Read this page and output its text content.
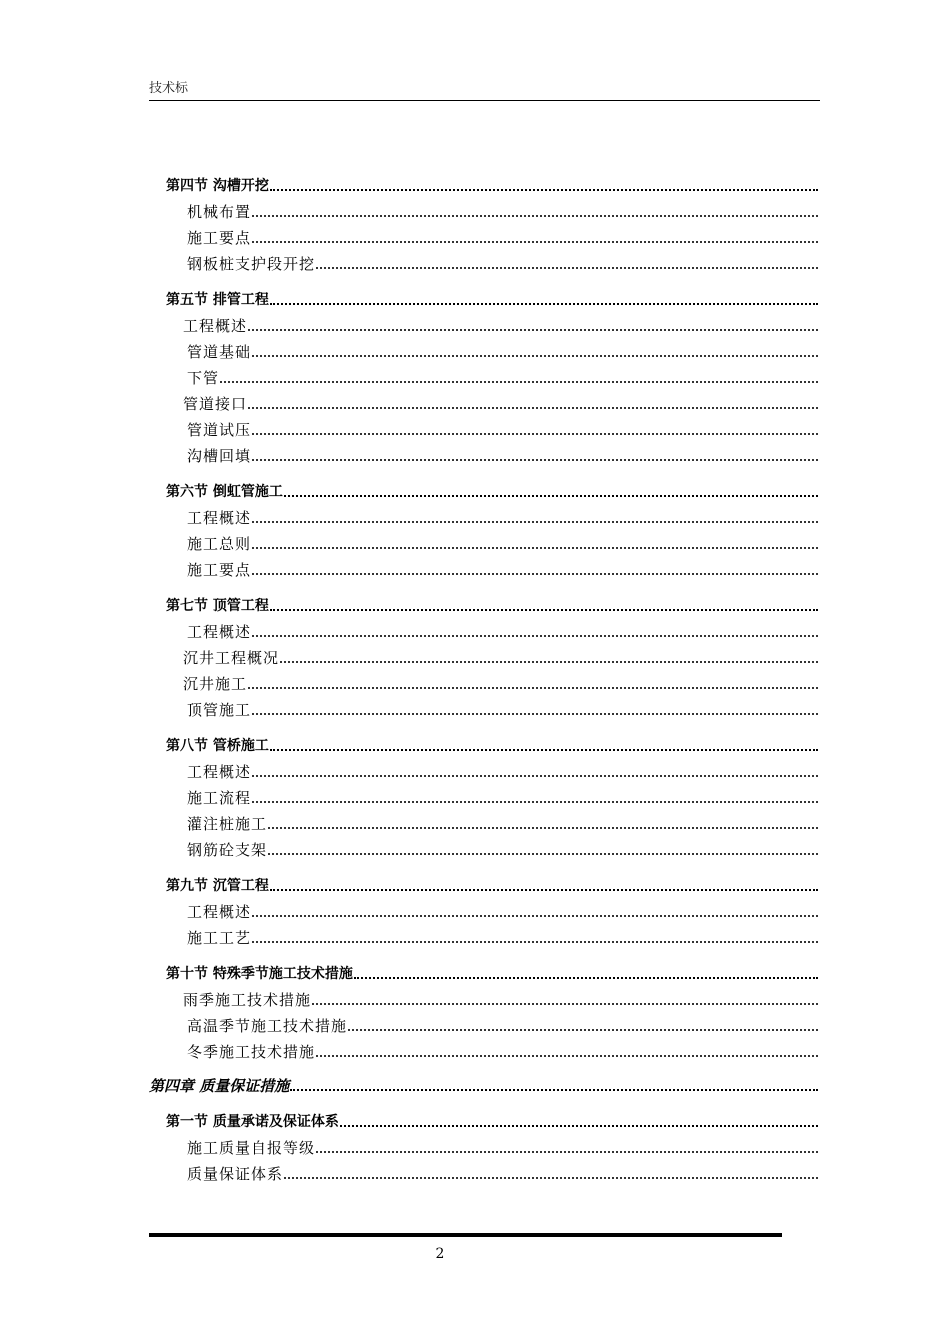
技术标
第四节 沟槽开挖
机械布置
施工要点
钢板桩支护段开挖
第五节 排管工程
工程概述
管道基础
下管
管道接口
管道试压
沟槽回填
第六节 倒虹管施工
工程概述
施工总则
施工要点
第七节 顶管工程
工程概述
沉井工程概况
沉井施工
顶管施工
第八节 管桥施工
工程概述
施工流程
灌注桩施工
钢筋砼支架
第九节 沉管工程
工程概述
施工工艺
第十节 特殊季节施工技术措施
雨季施工技术措施
高温季节施工技术措施
冬季施工技术措施
第四章 质量保证措施
第一节 质量承诺及保证体系
施工质量自报等级
质量保证体系
2
